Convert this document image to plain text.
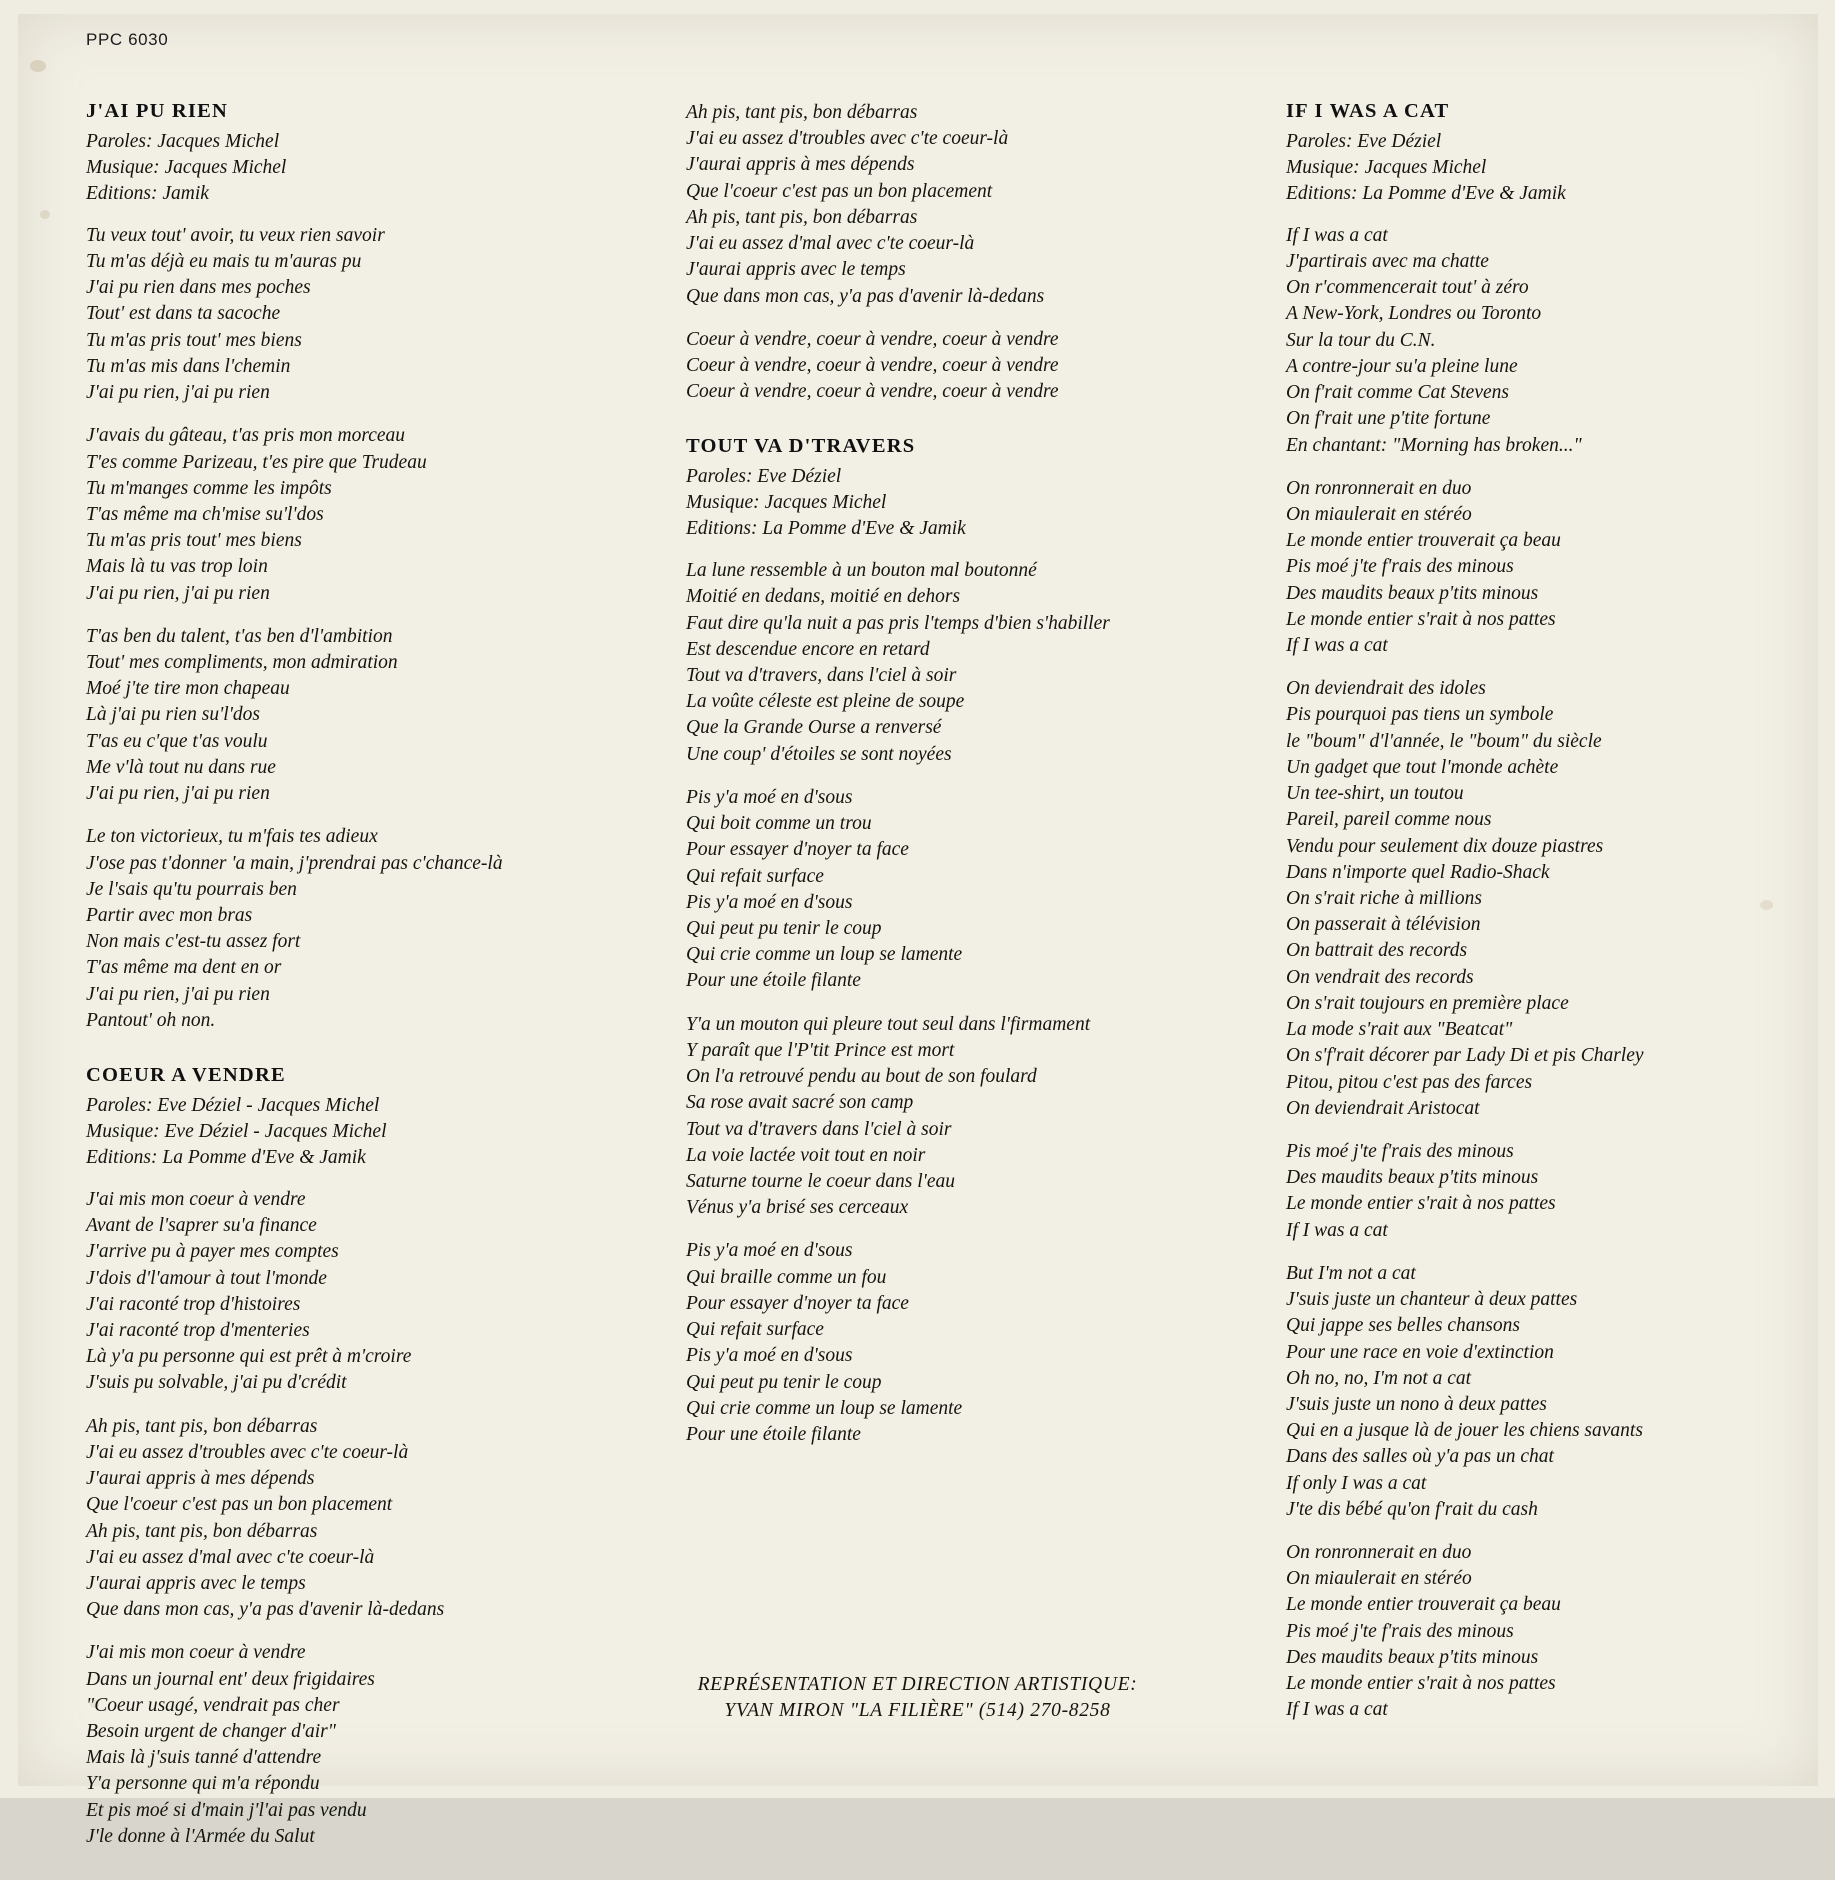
PPC 6030
J'AI PU RIEN
Paroles: Jacques Michel
Musique: Jacques Michel
Editions: Jamik
Tu veux tout' avoir, tu veux rien savoir
Tu m'as déjà eu mais tu m'auras pu
J'ai pu rien dans mes poches
Tout' est dans ta sacoche
Tu m'as pris tout' mes biens
Tu m'as mis dans l'chemin
J'ai pu rien, j'ai pu rien
J'avais du gâteau, t'as pris mon morceau
T'es comme Parizeau, t'es pire que Trudeau
Tu m'manges comme les impôts
T'as même ma ch'mise su'l'dos
Tu m'as pris tout' mes biens
Mais là tu vas trop loin
J'ai pu rien, j'ai pu rien
T'as ben du talent, t'as ben d'l'ambition
Tout' mes compliments, mon admiration
Moé j'te tire mon chapeau
Là j'ai pu rien su'l'dos
T'as eu c'que t'as voulu
Me v'là tout nu dans rue
J'ai pu rien, j'ai pu rien
Le ton victorieux, tu m'fais tes adieux
J'ose pas t'donner 'a main, j'prendrai pas c'chance-là
Je l'sais qu'tu pourrais ben
Partir avec mon bras
Non mais c'est-tu assez fort
T'as même ma dent en or
J'ai pu rien, j'ai pu rien
Pantout' oh non.
COEUR A VENDRE
Paroles: Eve Déziel - Jacques Michel
Musique: Eve Déziel - Jacques Michel
Editions: La Pomme d'Eve & Jamik
J'ai mis mon coeur à vendre
Avant de l'saprer su'a finance
J'arrive pu à payer mes comptes
J'dois d'l'amour à tout l'monde
J'ai raconté trop d'histoires
J'ai raconté trop d'menteries
Là y'a pu personne qui est prêt à m'croire
J'suis pu solvable, j'ai pu d'crédit
Ah pis, tant pis, bon débarras
J'ai eu assez d'troubles avec c'te coeur-là
J'aurai appris à mes dépends
Que l'coeur c'est pas un bon placement
Ah pis, tant pis, bon débarras
J'ai eu assez d'mal avec c'te coeur-là
J'aurai appris avec le temps
Que dans mon cas, y'a pas d'avenir là-dedans
J'ai mis mon coeur à vendre
Dans un journal ent' deux frigidaires
"Coeur usagé, vendrait pas cher
Besoin urgent de changer d'air"
Mais là j'suis tanné d'attendre
Y'a personne qui m'a répondu
Et pis moé si d'main j'l'ai pas vendu
J'le donne à l'Armée du Salut
Ah pis, tant pis, bon débarras
J'ai eu assez d'troubles avec c'te coeur-là
J'aurai appris à mes dépends
Que l'coeur c'est pas un bon placement
Ah pis, tant pis, bon débarras
J'ai eu assez d'mal avec c'te coeur-là
J'aurai appris avec le temps
Que dans mon cas, y'a pas d'avenir là-dedans
Coeur à vendre, coeur à vendre, coeur à vendre
Coeur à vendre, coeur à vendre, coeur à vendre
Coeur à vendre, coeur à vendre, coeur à vendre
TOUT VA D'TRAVERS
Paroles: Eve Déziel
Musique: Jacques Michel
Editions: La Pomme d'Eve & Jamik
La lune ressemble à un bouton mal boutonné
Moitié en dedans, moitié en dehors
Faut dire qu'la nuit a pas pris l'temps d'bien s'habiller
Est descendue encore en retard
Tout va d'travers, dans l'ciel à soir
La voûte céleste est pleine de soupe
Que la Grande Ourse a renversé
Une coup' d'étoiles se sont noyées
Pis y'a moé en d'sous
Qui boit comme un trou
Pour essayer d'noyer ta face
Qui refait surface
Pis y'a moé en d'sous
Qui peut pu tenir le coup
Qui crie comme un loup se lamente
Pour une étoile filante
Y'a un mouton qui pleure tout seul dans l'firmament
Y paraît que l'P'tit Prince est mort
On l'a retrouvé pendu au bout de son foulard
Sa rose avait sacré son camp
Tout va d'travers dans l'ciel à soir
La voie lactée voit tout en noir
Saturne tourne le coeur dans l'eau
Vénus y'a brisé ses cerceaux
Pis y'a moé en d'sous
Qui braille comme un fou
Pour essayer d'noyer ta face
Qui refait surface
Pis y'a moé en d'sous
Qui peut pu tenir le coup
Qui crie comme un loup se lamente
Pour une étoile filante
IF I WAS A CAT
Paroles: Eve Déziel
Musique: Jacques Michel
Editions: La Pomme d'Eve & Jamik
If I was a cat
J'partirais avec ma chatte
On r'commencerait tout' à zéro
A New-York, Londres ou Toronto
Sur la tour du C.N.
A contre-jour su'a pleine lune
On f'rait comme Cat Stevens
On f'rait une p'tite fortune
En chantant: "Morning has broken..."
On ronronnerait en duo
On miaulerait en stéréo
Le monde entier trouverait ça beau
Pis moé j'te f'rais des minous
Des maudits beaux p'tits minous
Le monde entier s'rait à nos pattes
If I was a cat
On deviendrait des idoles
Pis pourquoi pas tiens un symbole
le "boum" d'l'année, le "boum" du siècle
Un gadget que tout l'monde achète
Un tee-shirt, un toutou
Pareil, pareil comme nous
Vendu pour seulement dix douze piastres
Dans n'importe quel Radio-Shack
On s'rait riche à millions
On passerait à télévision
On battrait des records
On vendrait des records
On s'rait toujours en première place
La mode s'rait aux "Beatcat"
On s'f'rait décorer par Lady Di et pis Charley
Pitou, pitou c'est pas des farces
On deviendrait Aristocat
Pis moé j'te f'rais des minous
Des maudits beaux p'tits minous
Le monde entier s'rait à nos pattes
If I was a cat
But I'm not a cat
J'suis juste un chanteur à deux pattes
Qui jappe ses belles chansons
Pour une race en voie d'extinction
Oh no, no, I'm not a cat
J'suis juste un nono à deux pattes
Qui en a jusque là de jouer les chiens savants
Dans des salles où y'a pas un chat
If only I was a cat
J'te dis bébé qu'on f'rait du cash
On ronronnerait en duo
On miaulerait en stéréo
Le monde entier trouverait ça beau
Pis moé j'te f'rais des minous
Des maudits beaux p'tits minous
Le monde entier s'rait à nos pattes
If I was a cat
REPRÉSENTATION ET DIRECTION ARTISTIQUE:
YVAN MIRON "LA FILIÈRE" (514) 270-8258
